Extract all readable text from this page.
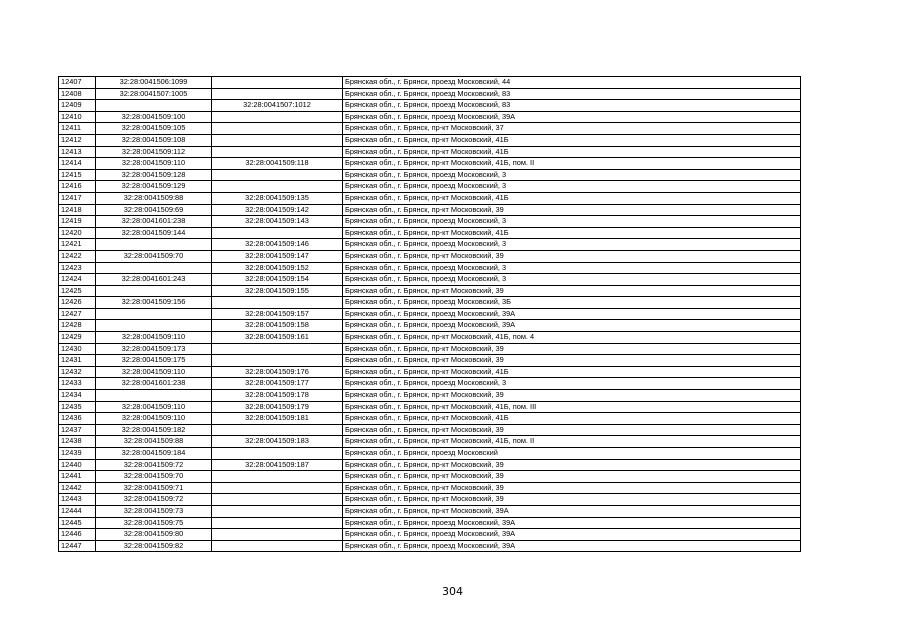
12407	32:28:0041506:1099		Брянская обл., г. Брянск, проезд Московский, 44
12408	32:28:0041507:1005		Брянская обл., г. Брянск, проезд Московский, 83
12409		32:28:0041507:1012	Брянская обл., г. Брянск, проезд Московский, 83
12410	32:28:0041509:100		Брянская обл., г. Брянск, проезд Московский, 39А
12411	32:28:0041509:105		Брянская обл., г. Брянск, пр-кт Московский, 37
12412	32:28:0041509:108		Брянская обл., г. Брянск, пр-кт Московский, 41Б
12413	32:28:0041509:112		Брянская обл., г. Брянск, пр-кт Московский, 41Б
12414	32:28:0041509:110	32:28:0041509:118	Брянская обл., г. Брянск, пр-кт Московский, 41Б, пом. II
12415	32:28:0041509:128		Брянская обл., г. Брянск, проезд Московский, 3
12416	32:28:0041509:129		Брянская обл., г. Брянск, проезд Московский, 3
12417	32:28:0041509:88	32:28:0041509:135	Брянская обл., г. Брянск, пр-кт Московский, 41Б
12418	32:28:0041509:69	32:28:0041509:142	Брянская обл., г. Брянск, пр-кт Московский, 39
12419	32:28:0041601:238	32:28:0041509:143	Брянская обл., г. Брянск, проезд Московский, 3
12420	32:28:0041509:144		Брянская обл., г. Брянск, пр-кт Московский, 41Б
12421		32:28:0041509:146	Брянская обл., г. Брянск, проезд Московский, 3
12422	32:28:0041509:70	32:28:0041509:147	Брянская обл., г. Брянск, пр-кт Московский, 39
12423		32:28:0041509:152	Брянская обл., г. Брянск, проезд Московский, 3
12424	32:28:0041601:243	32:28:0041509:154	Брянская обл., г. Брянск, проезд Московский, 3
12425		32:28:0041509:155	Брянская обл., г. Брянск, пр-кт Московский, 39
12426	32:28:0041509:156		Брянская обл., г. Брянск, проезд Московский, 3Б
12427		32:28:0041509:157	Брянская обл., г. Брянск, проезд Московский, 39А
12428		32:28:0041509:158	Брянская обл., г. Брянск, проезд Московский, 39А
12429	32:28:0041509:110	32:28:0041509:161	Брянская обл., г. Брянск, пр-кт Московский, 41Б, пом. 4
12430	32:28:0041509:173		Брянская обл., г. Брянск, пр-кт Московский, 39
12431	32:28:0041509:175		Брянская обл., г. Брянск, пр-кт Московский, 39
12432	32:28:0041509:110	32:28:0041509:176	Брянская обл., г. Брянск, пр-кт Московский, 41Б
12433	32:28:0041601:238	32:28:0041509:177	Брянская обл., г. Брянск, проезд Московский, 3
12434		32:28:0041509:178	Брянская обл., г. Брянск, пр-кт Московский, 39
12435	32:28:0041509:110	32:28:0041509:179	Брянская обл., г. Брянск, пр-кт Московский, 41Б, пом. III
12436	32:28:0041509:110	32:28:0041509:181	Брянская обл., г. Брянск, пр-кт Московский, 41Б
12437	32:28:0041509:182		Брянская обл., г. Брянск, пр-кт Московский, 39
12438	32:28:0041509:88	32:28:0041509:183	Брянская обл., г. Брянск, пр-кт Московский, 41Б, пом. II
12439	32:28:0041509:184		Брянская обл., г. Брянск, проезд Московский
12440	32:28:0041509:72	32:28:0041509:187	Брянская обл., г. Брянск, пр-кт Московский, 39
12441	32:28:0041509:70		Брянская обл., г. Брянск, пр-кт Московский, 39
12442	32:28:0041509:71		Брянская обл., г. Брянск, пр-кт Московский, 39
12443	32:28:0041509:72		Брянская обл., г. Брянск, пр-кт Московский, 39
12444	32:28:0041509:73		Брянская обл., г. Брянск, пр-кт Московский, 39А
12445	32:28:0041509:75		Брянская обл., г. Брянск, проезд Московский, 39А
12446	32:28:0041509:80		Брянская обл., г. Брянск, проезд Московский, 39А
12447	32:28:0041509:82		Брянская обл., г. Брянск, проезд Московский, 39А
304
